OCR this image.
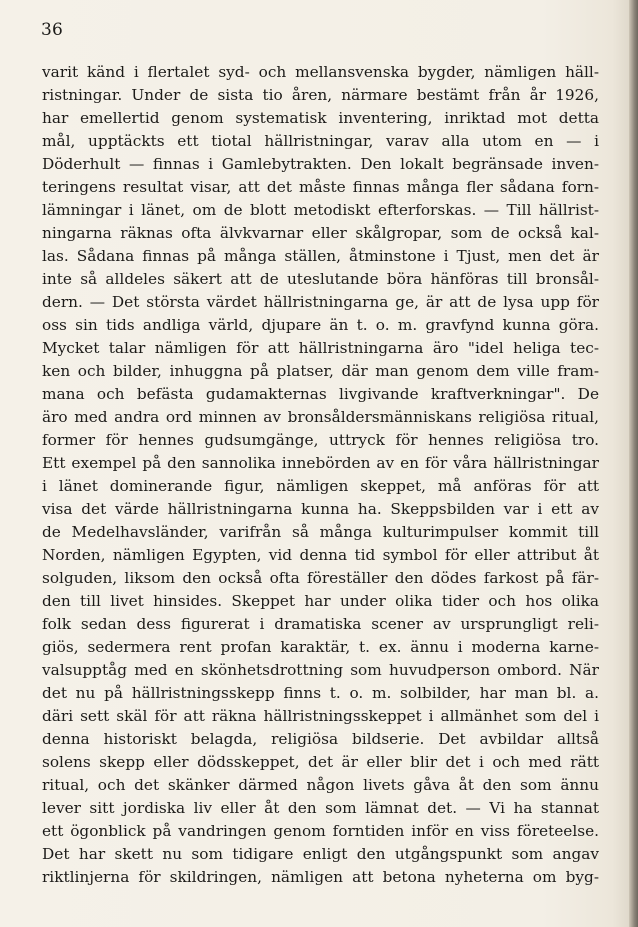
36
varit känd i flertalet syd- och mellansvenska bygder, nämligen häll-
ristningar. Under de sista tio åren, närmare bestämt från år 1926,
har emellertid genom systematisk inventering, inriktad mot detta
mål, upptäckts ett tiotal hällristningar, varav alla utom en — i
Döderhult — finnas i Gamlebytrakten. Den lokalt begränsade inven-
teringens resultat visar, att det måste finnas många fler sådana forn-
lämningar i länet, om de blott metodiskt efterforskas. — Till hällrist-
ningarna räknas ofta älvkvarnar eller skålgropar, som de också kal-
las. Sådana finnas på många ställen, åtminstone i Tjust, men det är
inte så alldeles säkert att de uteslutande böra hänföras till bronsål-
dern. — Det största värdet hällristningarna ge, är att de lysa upp för
oss sin tids andliga värld, djupare än t. o. m. gravfynd kunna göra.
Mycket talar nämligen för att hällristningarna äro "idel heliga tec-
ken och bilder, inhuggna på platser, där man genom dem ville fram-
mana och befästa gudamakternas livgivande kraftverkningar". De
äro med andra ord minnen av bronsåldersmänniskans religiösa ritual,
former för hennes gudsumgänge, uttryck för hennes religiösa tro.
Ett exempel på den sannolika innebörden av en för våra hällristningar
i länet dominerande figur, nämligen skeppet, må anföras för att
visa det värde hällristningarna kunna ha. Skeppsbilden var i ett av
de Medelhavsländer, varifrån så många kulturimpulser kommit till
Norden, nämligen Egypten, vid denna tid symbol för eller attribut åt
solguden, liksom den också ofta föreställer den dödes farkost på fär-
den till livet hinsides. Skeppet har under olika tider och hos olika
folk sedan dess figurerat i dramatiska scener av ursprungligt reli-
giös, sedermera rent profan karaktär, t. ex. ännu i moderna karne-
valsupptåg med en skönhetsdrottning som huvudperson ombord. När
det nu på hällristningsskepp finns t. o. m. solbilder, har man bl. a.
däri sett skäl för att räkna hällristningsskeppet i allmänhet som del i
denna historiskt belagda, religiösa bildserie. Det avbildar alltså
solens skepp eller dödsskeppet, det är eller blir det i och med rätt
ritual, och det skänker därmed någon livets gåva åt den som ännu
lever sitt jordiska liv eller åt den som lämnat det. — Vi ha stannat
ett ögonblick på vandringen genom forntiden inför en viss företeelse.
Det har skett nu som tidigare enligt den utgångspunkt som angav
riktlinjerna för skildringen, nämligen att betona nyheterna om byg-
